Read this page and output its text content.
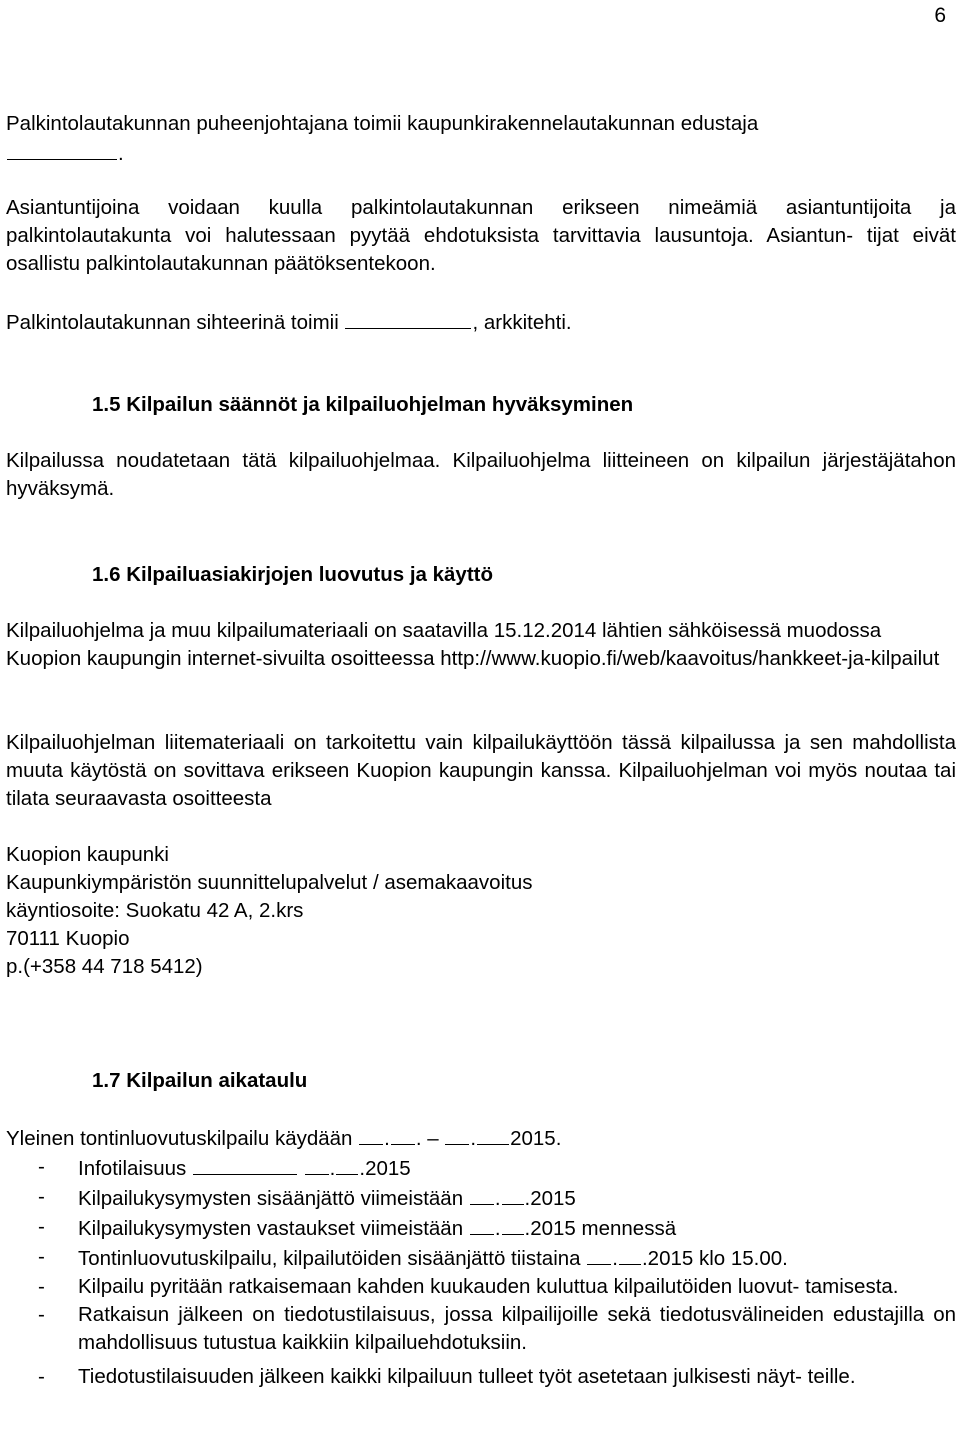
6

Palkintolautakunnan puheenjohtajana toimii kaupunkirakennelautakunnan edustaja
.

Asiantuntijoina voidaan kuulla palkintolautakunnan erikseen nimeämiä asiantuntijoita ja palkintolautakunta voi halutessaan pyytää ehdotuksista tarvittavia lausuntoja. Asiantun- tijat eivät osallistu palkintolautakunnan päätöksentekoon.

Palkintolautakunnan sihteerinä toimii	, arkkitehti.

1.5 Kilpailun säännöt ja kilpailuohjelman hyväksyminen

Kilpailussa noudatetaan tätä kilpailuohjelmaa. Kilpailuohjelma liitteineen on kilpailun järjestäjätahon hyväksymä.

1.6 Kilpailuasiakirjojen luovutus ja käyttö

Kilpailuohjelma ja muu kilpailumateriaali on saatavilla 15.12.2014 lähtien sähköisessä muodossa Kuopion kaupungin internet-sivuilta osoitteessa http://www.kuopio.fi/web/kaavoitus/hankkeet-ja-kilpailut

Kilpailuohjelman liitemateriaali on tarkoitettu vain kilpailukäyttöön tässä kilpailussa ja sen mahdollista muuta käytöstä on sovittava erikseen Kuopion kaupungin kanssa. Kilpailuohjelman voi myös noutaa tai tilata seuraavasta osoitteesta

Kuopion kaupunki
Kaupunkiympäristön suunnittelupalvelut / asemakaavoitus
käyntiosoite: Suokatu 42 A, 2.krs
70111 Kuopio
p.(+358 44 718 5412)
1.7 Kilpailun aikataulu
Yleinen tontinluovutuskilpailu käydään . . – . 2015.
- Infotilaisuus	. .2015
- Kilpailukysymysten sisäänjättö viimeistään . .2015
- Kilpailukysymysten vastaukset viimeistään . .2015 mennessä
- Tontinluovutuskilpailu, kilpailutöiden sisäänjättö tiistaina . .2015 klo 15.00.
- Kilpailu pyritään ratkaisemaan kahden kuukauden kuluttua kilpailutöiden luovut- tamisesta.
- Ratkaisun jälkeen on tiedotustilaisuus, jossa kilpailijoille sekä tiedotusvälineiden edustajilla on mahdollisuus tutustua kaikkiin kilpailuehdotuksiin.
- Tiedotustilaisuuden jälkeen kaikki kilpailuun tulleet työt asetetaan julkisesti näyt- teille.
